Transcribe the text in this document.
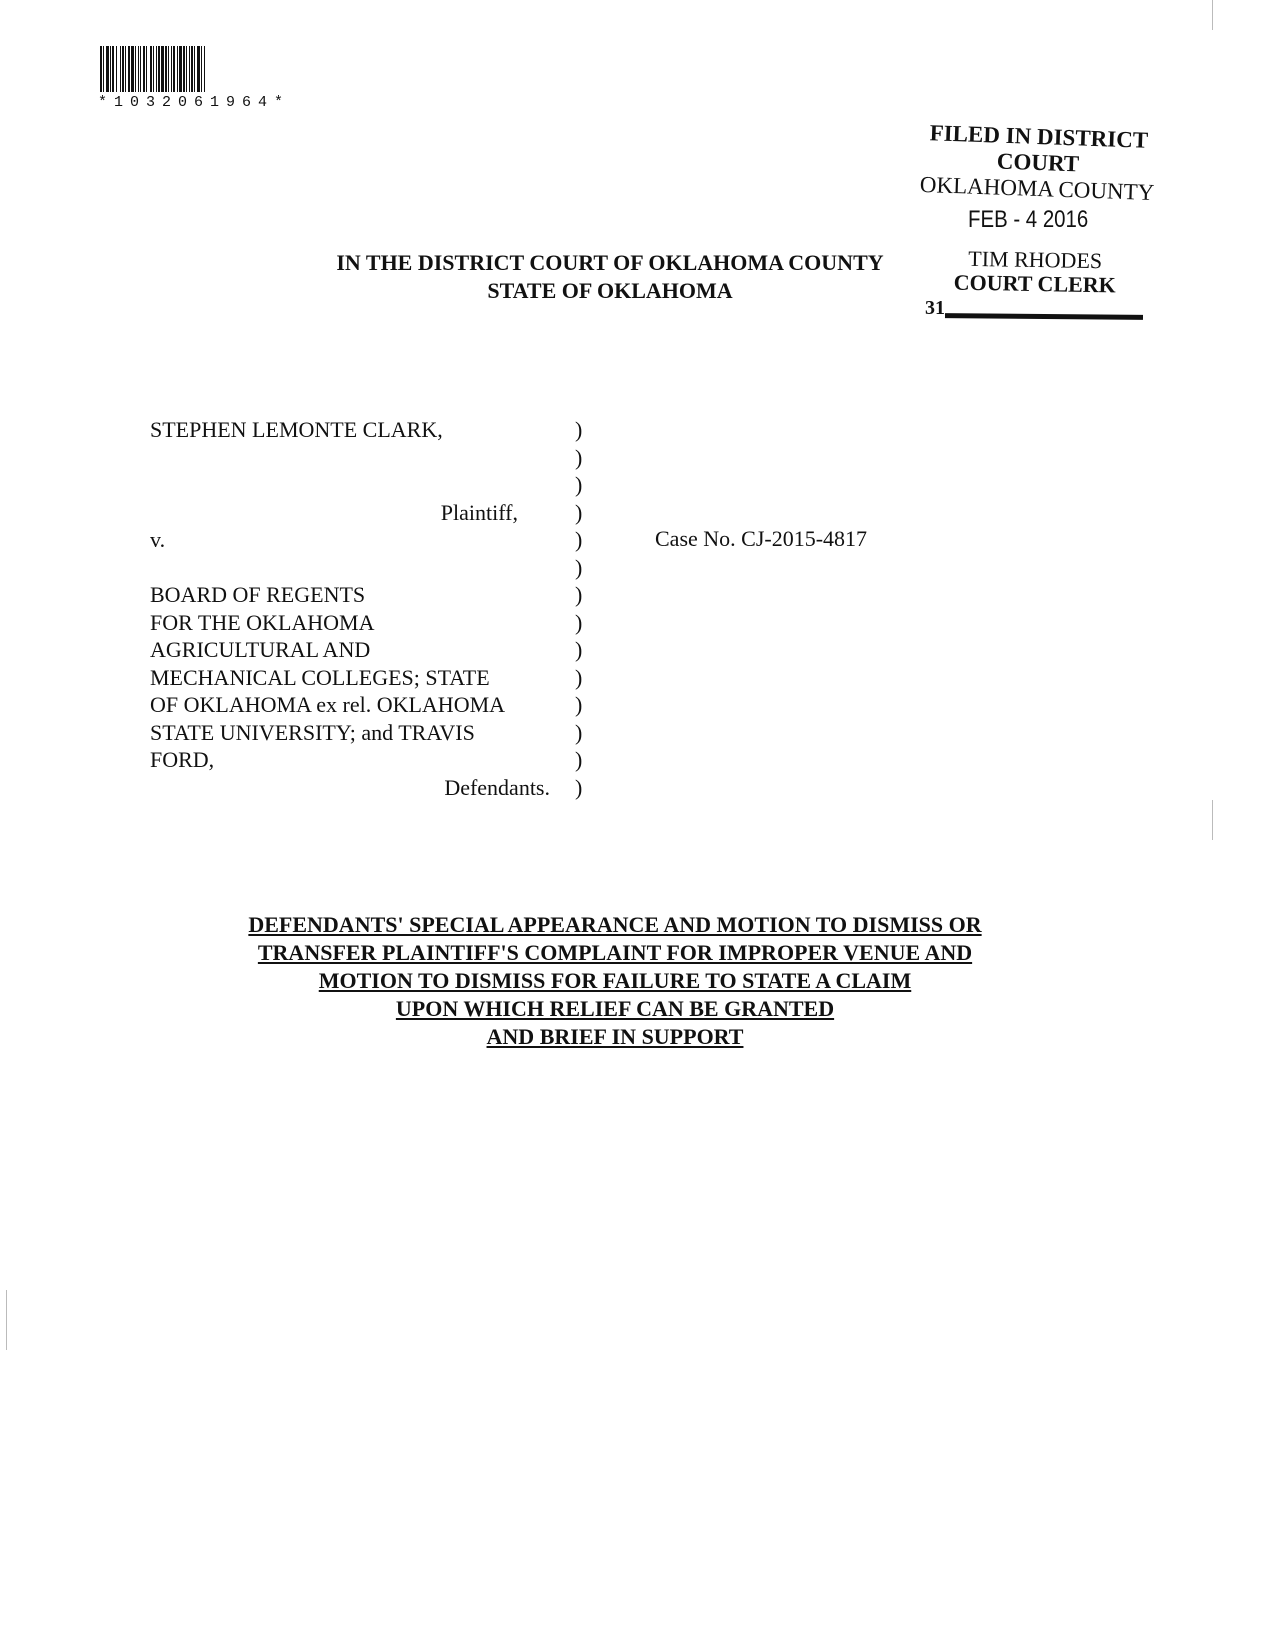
*1032061964*
FILED IN DISTRICT COURT
OKLAHOMA COUNTY
FEB - 4 2016
TIM RHODES
COURT CLERK
31
IN THE DISTRICT COURT OF OKLAHOMA COUNTY
STATE OF OKLAHOMA
STEPHEN LEMONTE CLARK,	)
)
)
Plaintiff,	)
v.	)
)
BOARD OF REGENTS	)
FOR THE OKLAHOMA	)
AGRICULTURAL AND	)
MECHANICAL COLLEGES; STATE	)
OF OKLAHOMA ex rel. OKLAHOMA	)
STATE UNIVERSITY; and TRAVIS	)
FORD,	)
Defendants. )
Case No. CJ-2015-4817
DEFENDANTS' SPECIAL APPEARANCE AND MOTION TO DISMISS OR
TRANSFER PLAINTIFF'S COMPLAINT FOR IMPROPER VENUE AND
MOTION TO DISMISS FOR FAILURE TO STATE A CLAIM
UPON WHICH RELIEF CAN BE GRANTED
AND BRIEF IN SUPPORT
